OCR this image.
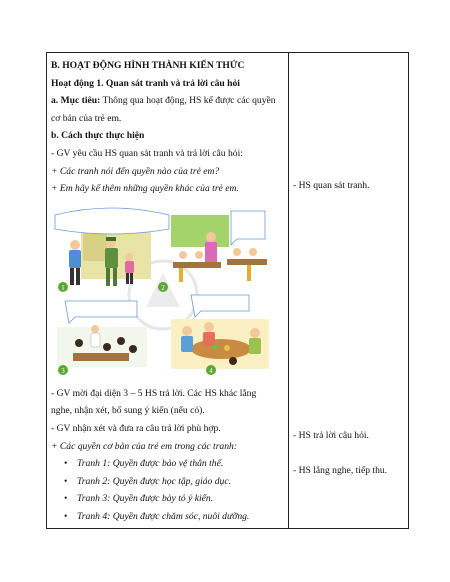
B. HOẠT ĐỘNG HÌNH THÀNH KIẾN THỨC
Hoạt động 1. Quan sát tranh và trả lời câu hỏi
a. Mục tiêu: Thông qua hoạt động, HS kể được các quyền
cơ bản của trẻ em.
b. Cách thực thực hiện
- GV yêu cầu HS quan sát tranh và trả lời câu hỏi:
+ Các tranh nói đến quyền nào của trẻ em?
+ Em hãy kể thêm những quyền khác của trẻ em.
1	2
3	4
- GV mời đại diện 3 – 5 HS trả lời. Các HS khác lắng
nghe, nhận xét, bổ sung ý kiến (nếu có).
- GV nhận xét và đưa ra câu trả lời phù hợp.
+ Các quyền cơ bản của trẻ em trong các tranh:
• Tranh 1: Quyền được bảo vệ thân thể.
• Tranh 2: Quyền được học tập, giáo dục.
• Tranh 3: Quyền được bày tỏ ý kiến.
• Tranh 4: Quyền được chăm sóc, nuôi dưỡng.
- HS quan sát tranh.
- HS trả lời câu hỏi.
- HS lắng nghe, tiếp thu.
